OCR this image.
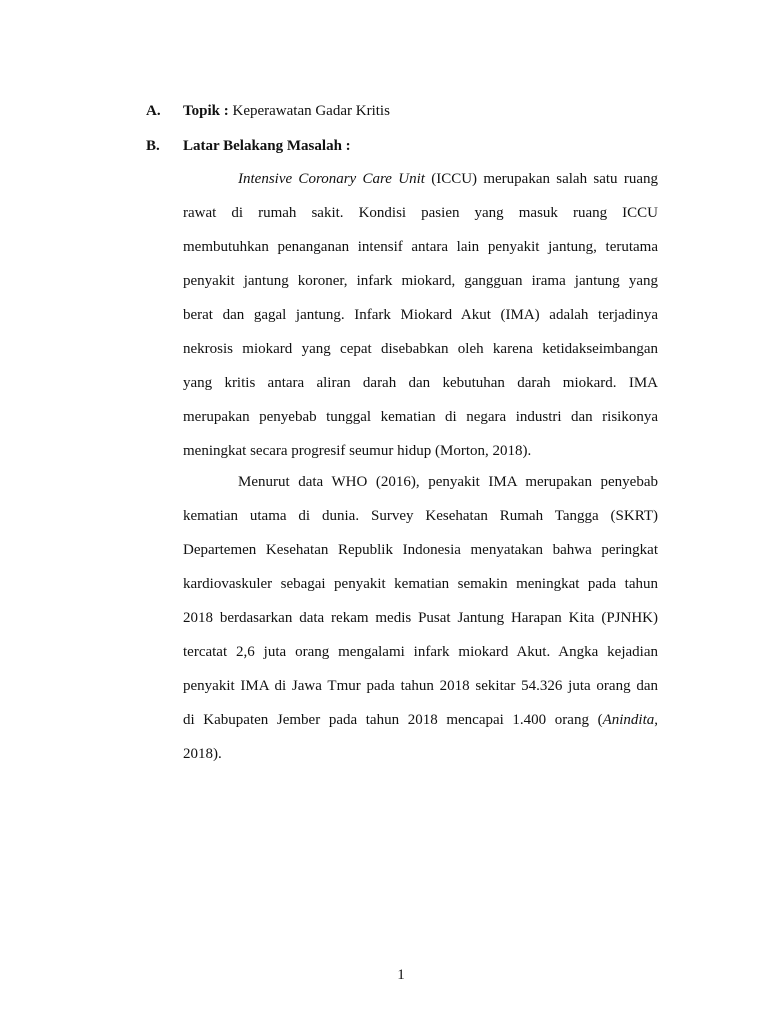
A. Topik : Keperawatan Gadar Kritis
B. Latar Belakang Masalah :
Intensive Coronary Care Unit (ICCU) merupakan salah satu ruang
rawat di rumah sakit. Kondisi pasien yang masuk ruang ICCU
membutuhkan penanganan intensif antara lain penyakit jantung, terutama
penyakit jantung koroner, infark miokard, gangguan irama jantung yang
berat dan gagal jantung. Infark Miokard Akut (IMA) adalah terjadinya
nekrosis miokard yang cepat disebabkan oleh karena ketidakseimbangan
yang kritis antara aliran darah dan kebutuhan darah miokard. IMA
merupakan penyebab tunggal kematian di negara industri dan risikonya
meningkat secara progresif seumur hidup (Morton, 2018).
Menurut data WHO (2016), penyakit IMA merupakan penyebab
kematian utama di dunia. Survey Kesehatan Rumah Tangga (SKRT)
Departemen Kesehatan Republik Indonesia menyatakan bahwa peringkat
kardiovaskuler sebagai penyakit kematian semakin meningkat pada tahun
2018 berdasarkan data rekam medis Pusat Jantung Harapan Kita (PJNHK)
tercatat 2,6 juta orang mengalami infark miokard Akut. Angka kejadian
penyakit IMA di Jawa Tmur pada tahun 2018 sekitar 54.326 juta orang dan
di Kabupaten Jember pada tahun 2018 mencapai 1.400 orang (Anindita,
2018).
1
